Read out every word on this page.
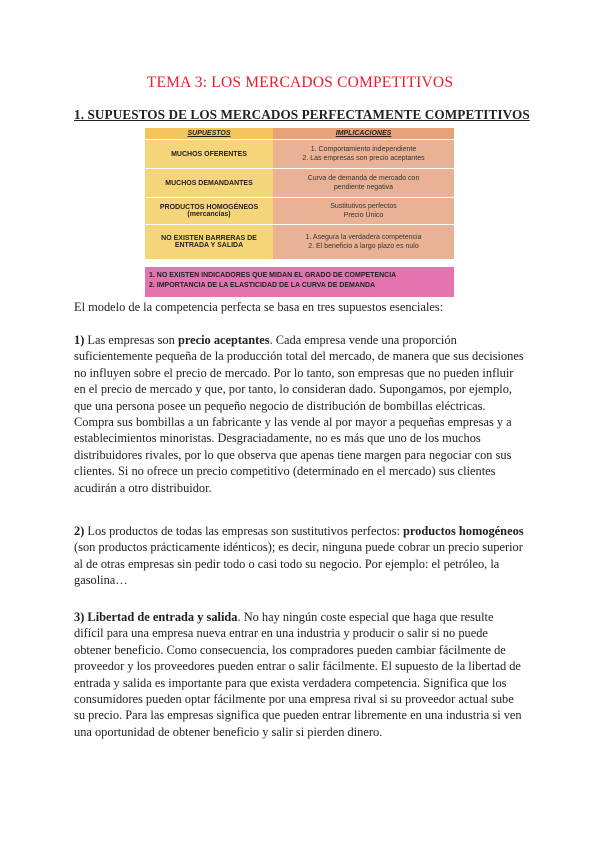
TEMA 3: LOS MERCADOS COMPETITIVOS
1. SUPUESTOS DE LOS MERCADOS PERFECTAMENTE COMPETITIVOS
SUPUESTOS	IMPLICACIONES
MUCHOS OFERENTES
1. Comportamiento independiente
2. Las empresas son precio aceptantes
MUCHOS DEMANDANTES
Curva de demanda de mercado con
pendiente negativa
PRODUCTOS HOMOGÉNEOS
(mercancías)
Sustitutivos perfectos
Precio Único
NO EXISTEN BARRERAS DE
ENTRADA Y SALIDA
1. Asegura la verdadera competencia
2. El beneficio a largo plazo es nulo
1. NO EXISTEN INDICADORES QUE MIDAN EL GRADO DE COMPETENCIA
2. IMPORTANCIA DE LA ELASTICIDAD DE LA CURVA DE DEMANDA

El modelo de la competencia perfecta se basa en tres supuestos esenciales:

1) Las empresas son precio aceptantes. Cada empresa vende una proporción suficientemente pequeña de la producción total del mercado, de manera que sus decisiones no influyen sobre el precio de mercado. Por lo tanto, son empresas que no pueden influir en el precio de mercado y que, por tanto, lo consideran dado. Supongamos, por ejemplo, que una persona posee un pequeño negocio de distribución de bombillas eléctricas. Compra sus bombillas a un fabricante y las vende al por mayor a pequeñas empresas y a establecimientos minoristas. Desgraciadamente, no es más que uno de los muchos distribuidores rivales, por lo que observa que apenas tiene margen para negociar con sus clientes. Si no ofrece un precio competitivo (determinado en el mercado) sus clientes acudirán a otro distribuidor.

2) Los productos de todas las empresas son sustitutivos perfectos: productos homogéneos (son productos prácticamente idénticos); es decir, ninguna puede cobrar un precio superior al de otras empresas sin pedir todo o casi todo su negocio. Por ejemplo: el petróleo, la gasolina…

3) Libertad de entrada y salida. No hay ningún coste especial que haga que resulte difícil para una empresa nueva entrar en una industria y producir o salir si no puede obtener beneficio. Como consecuencia, los compradores pueden cambiar fácilmente de proveedor y los proveedores pueden entrar o salir fácilmente. El supuesto de la libertad de entrada y salida es importante para que exista verdadera competencia. Significa que los consumidores pueden optar fácilmente por una empresa rival si su proveedor actual sube su precio. Para las empresas significa que pueden entrar libremente en una industria si ven una oportunidad de obtener beneficio y salir si pierden dinero.
